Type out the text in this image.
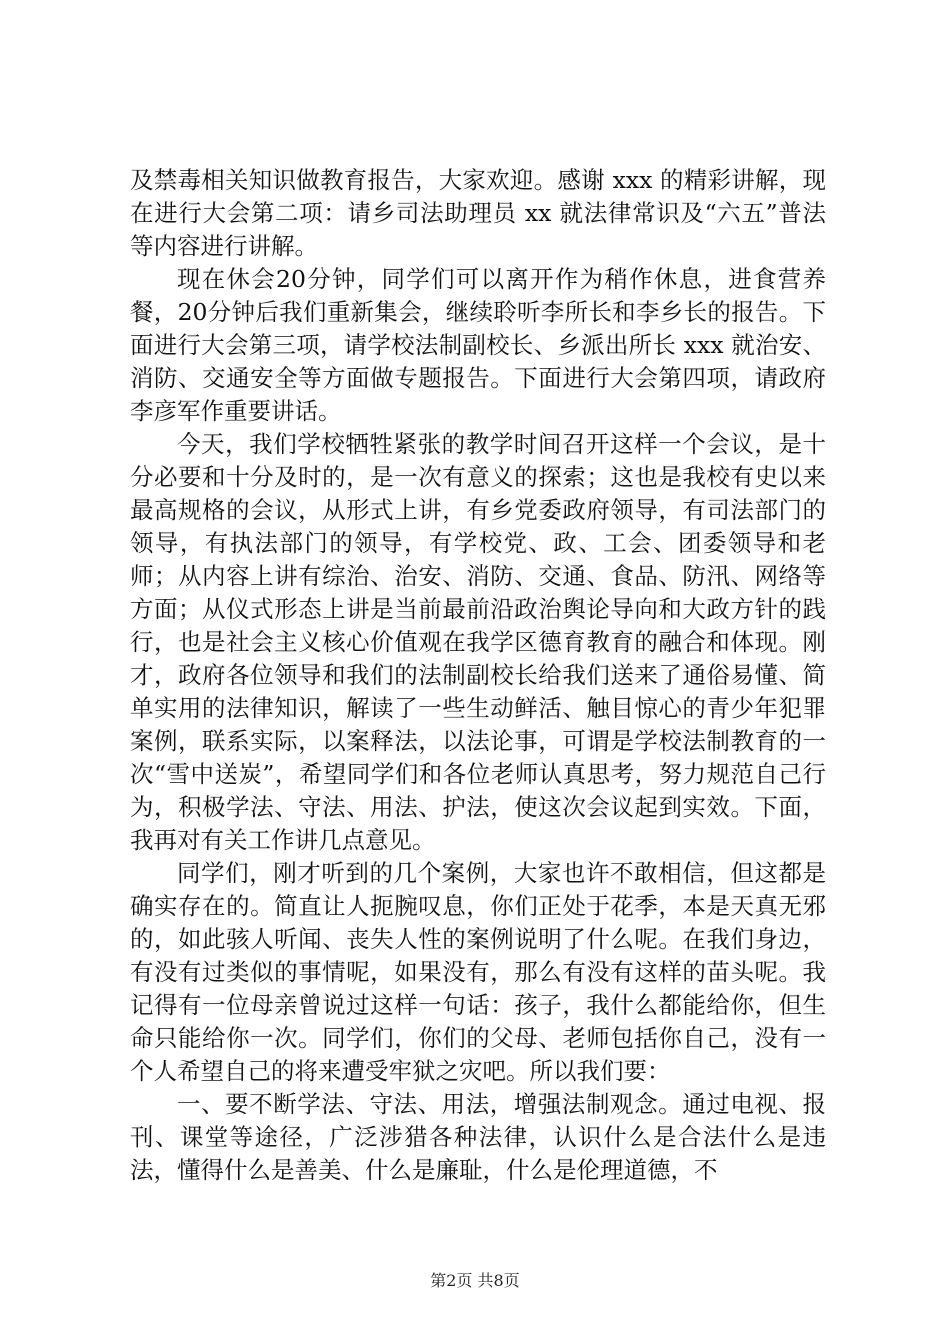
及禁毒相关知识做教育报告，大家欢迎。感谢 xxx 的精彩讲解，现在进行大会第二项：请乡司法助理员 xx 就法律常识及“六五”普法等内容进行讲解。

现在休会20分钟，同学们可以离开作为稍作休息，进食营养餐，20分钟后我们重新集会，继续聆听李所长和李乡长的报告。下面进行大会第三项，请学校法制副校长、乡派出所长 xxx 就治安、消防、交通安全等方面做专题报告。下面进行大会第四项，请政府李彦军作重要讲话。

今天，我们学校牺牲紧张的教学时间召开这样一个会议，是十分必要和十分及时的，是一次有意义的探索；这也是我校有史以来最高规格的会议，从形式上讲，有乡党委政府领导，有司法部门的领导，有执法部门的领导，有学校党、政、工会、团委领导和老师；从内容上讲有综治、治安、消防、交通、食品、防汛、网络等方面；从仪式形态上讲是当前最前沿政治舆论导向和大政方针的践行，也是社会主义核心价值观在我学区德育教育的融合和体现。刚才，政府各位领导和我们的法制副校长给我们送来了通俗易懂、简单实用的法律知识，解读了一些生动鲜活、触目惊心的青少年犯罪案例，联系实际，以案释法，以法论事，可谓是学校法制教育的一次“雪中送炭”，希望同学们和各位老师认真思考，努力规范自己行为，积极学法、守法、用法、护法，使这次会议起到实效。下面，我再对有关工作讲几点意见。

同学们，刚才听到的几个案例，大家也许不敢相信，但这都是确实存在的。简直让人扼腕叹息，你们正处于花季，本是天真无邪的，如此骇人听闻、丧失人性的案例说明了什么呢。在我们身边，有没有过类似的事情呢，如果没有，那么有没有这样的苗头呢。我记得有一位母亲曾说过这样一句话：孩子，我什么都能给你，但生命只能给你一次。同学们，你们的父母、老师包括你自己，没有一个人希望自己的将来遭受牢狱之灾吧。所以我们要：

一、要不断学法、守法、用法，增强法制观念。通过电视、报刊、课堂等途径，广泛涉猎各种法律，认识什么是合法什么是违法，懂得什么是善美、什么是廉耻，什么是伦理道德，不

第2页 共8页
